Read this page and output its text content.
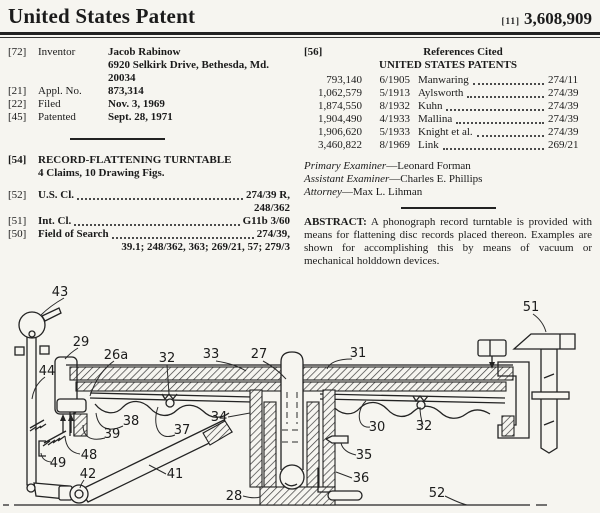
United States Patent	[11] 3,608,909
[72]	Inventor	Jacob Rabinow
6920 Selkirk Drive, Bethesda, Md. 20034
[21]	Appl. No.	873,314
[22]	Filed	Nov. 3, 1969
[45]	Patented	Sept. 28, 1971
[54]	RECORD-FLATTENING TURNTABLE
4 Claims, 10 Drawing Figs.
[52]	U.S. Cl.	274/39 R,
248/362
[51]	Int. Cl.	G11b 3/60
[50]	Field of Search	274/39,
39.1; 248/362, 363; 269/21, 57; 279/3
[56]	References Cited
UNITED STATES PATENTS
793,140	6/1905 Manwaring	274/11
1,062,579	5/1913 Aylsworth	274/39
1,874,550	8/1932 Kuhn	274/39
1,904,490	4/1933 Mallina	274/39
1,906,620	5/1933 Knight et al.	274/39
3,460,822	8/1969 Link	269/21
Primary Examiner—Leonard Forman
Assistant Examiner—Charles E. Phillips
Attorney—Max L. Lihman
ABSTRACT: A phonograph record turntable is provided with means for flattening disc records placed thereon. Examples are shown for accomplishing this by means of vacuum or mechanical holddown devices.
43
29
26a 32 33 27	31
51
44
38
39	37
34
30 32
35
36
48
49
42	41
28	52
